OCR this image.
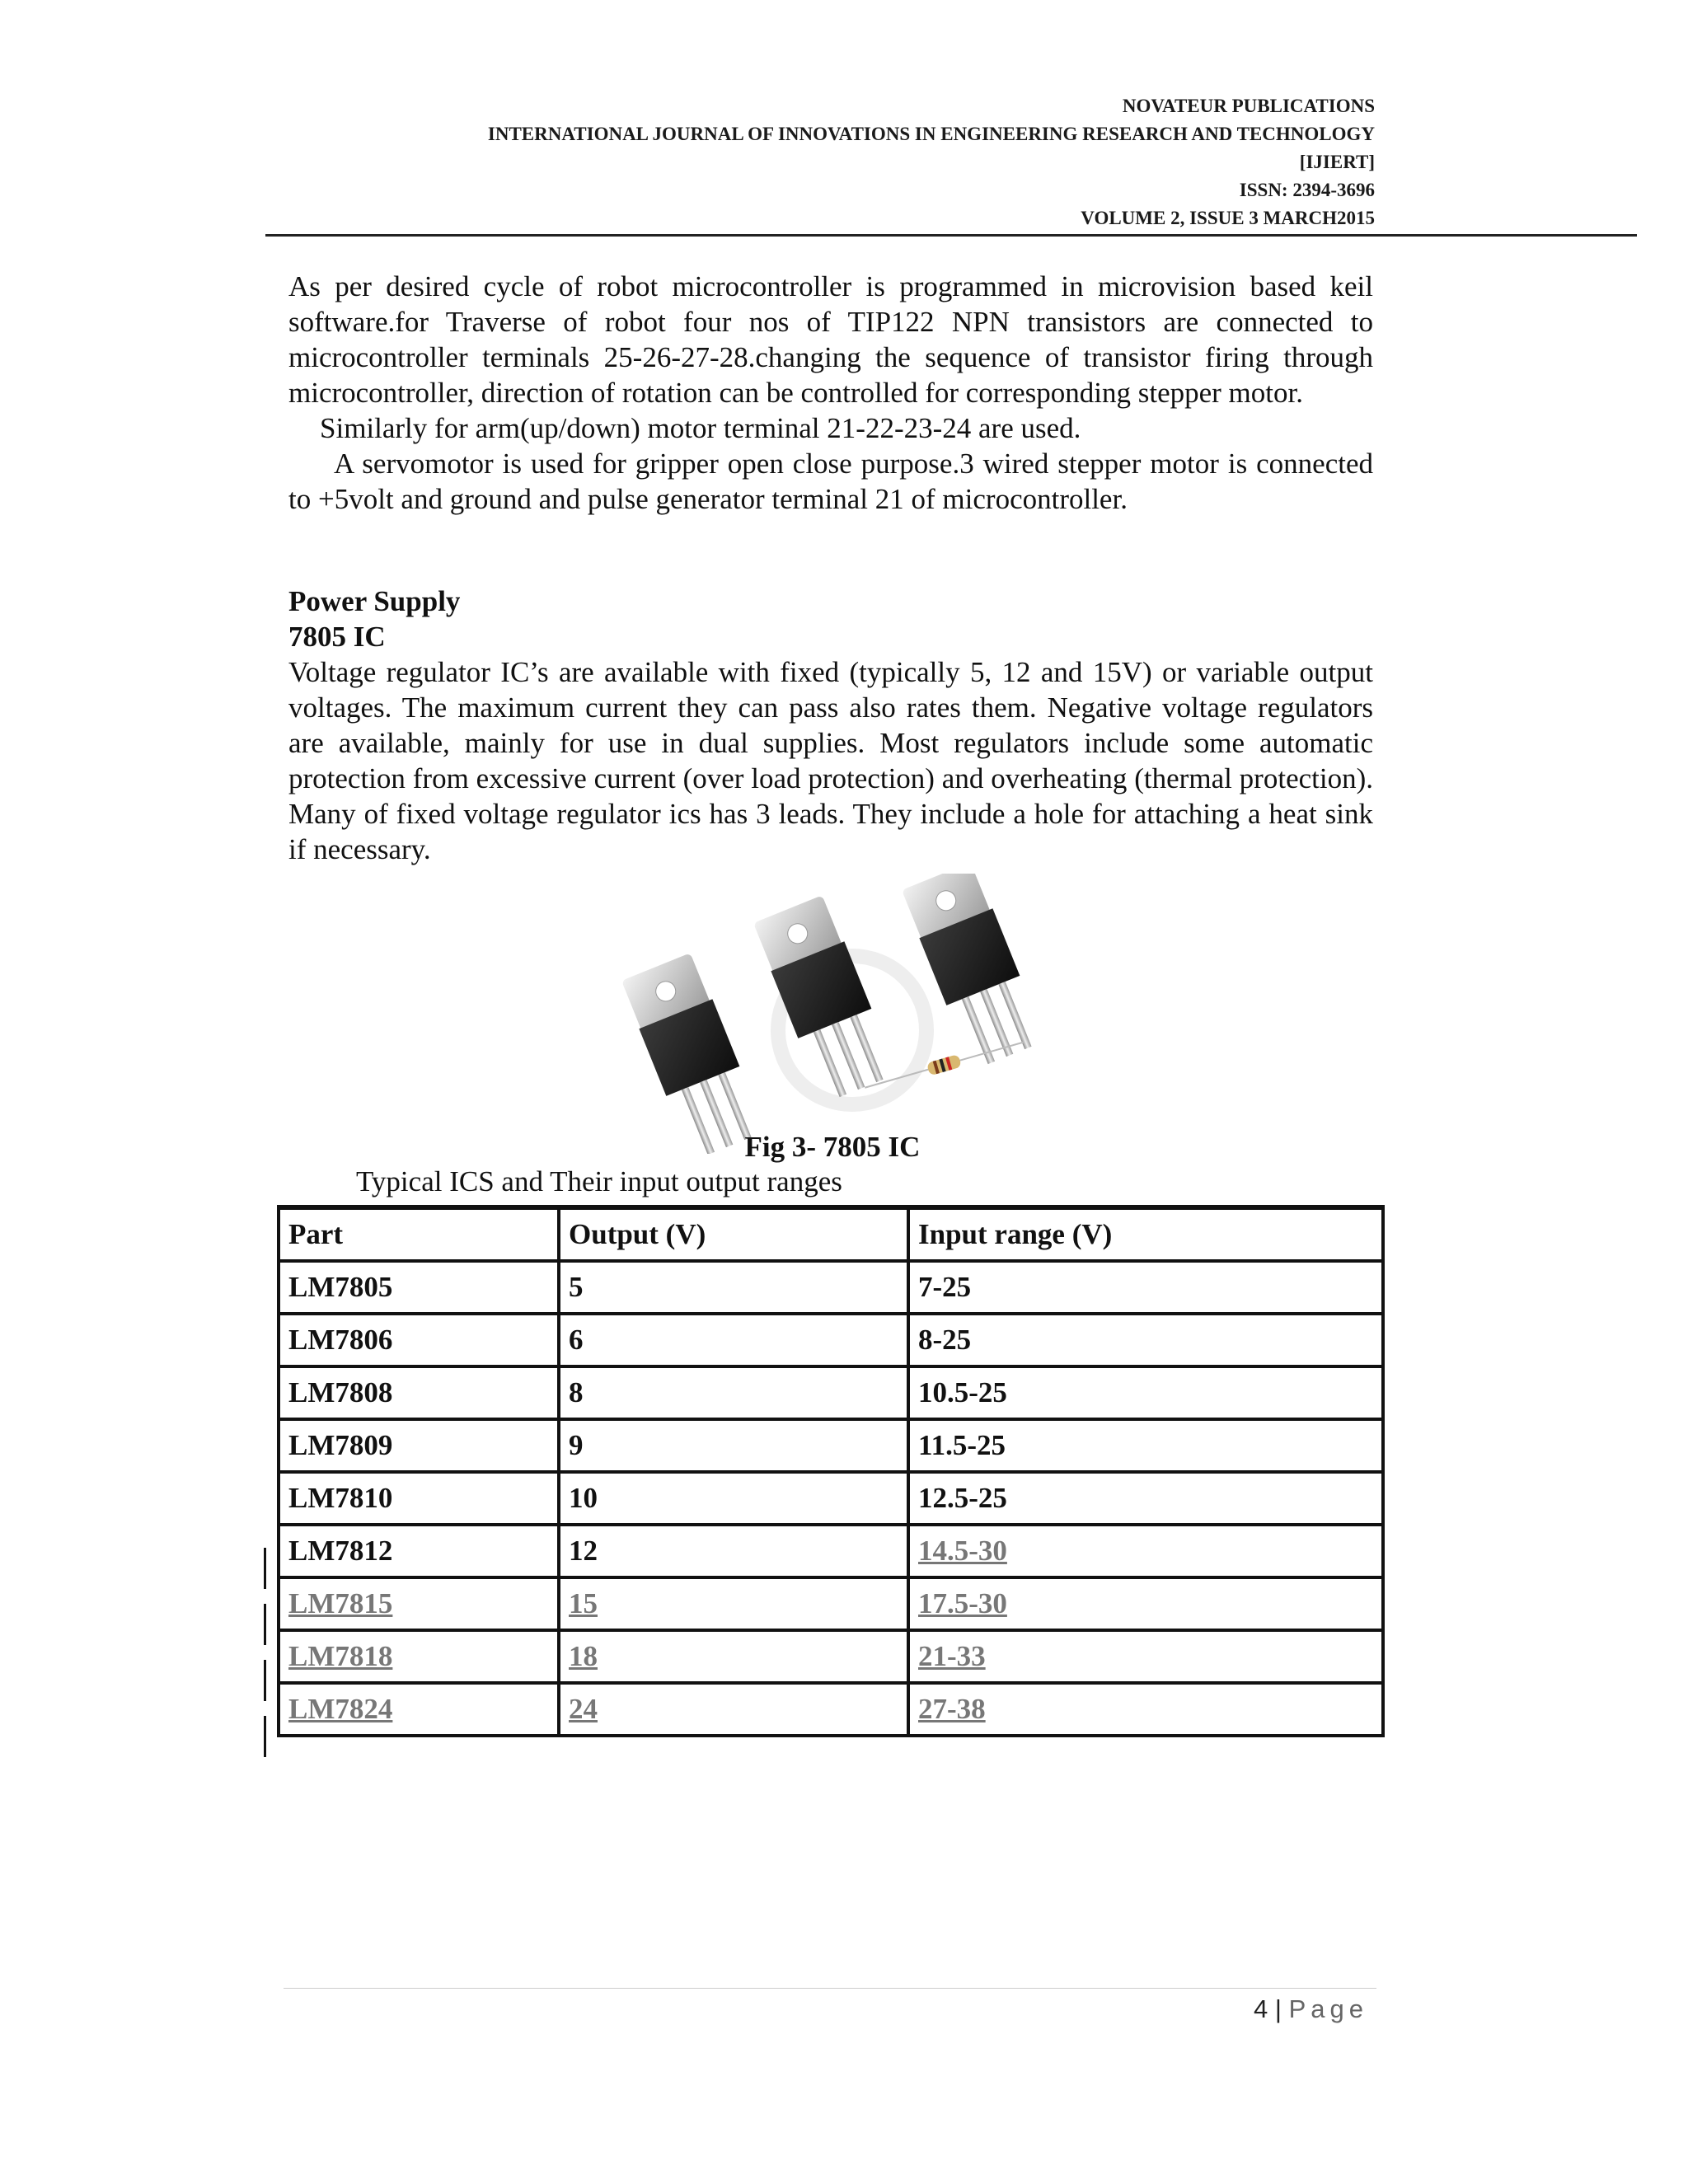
NOVATEUR PUBLICATIONS
INTERNATIONAL JOURNAL OF INNOVATIONS IN ENGINEERING RESEARCH AND TECHNOLOGY
[IJIERT]
ISSN: 2394-3696
VOLUME 2, ISSUE 3 MARCH2015

As per desired cycle of robot microcontroller is programmed in microvision based keil software.for Traverse of robot four nos of TIP122 NPN transistors are connected to microcontroller terminals 25-26-27-28.changing the sequence of transistor firing through microcontroller, direction of rotation can be controlled for corresponding stepper motor.

Similarly for arm(up/down) motor terminal 21-22-23-24 are used.

A servomotor is used for gripper open close purpose.3 wired stepper motor is connected to +5volt and ground and pulse generator terminal 21 of microcontroller.

Power Supply

7805 IC

Voltage regulator IC’s are available with fixed (typically 5, 12 and 15V) or variable output voltages. The maximum current they can pass also rates them. Negative voltage regulators are available, mainly for use in dual supplies. Most regulators include some automatic protection from excessive current (over load protection) and overheating (thermal protection). Many of fixed voltage regulator ics has 3 leads. They include a hole for attaching a heat sink if necessary.

Fig 3- 7805 IC
Typical ICS and Their input output ranges
Part	Output (V)	Input range (V)
LM7805	5	7-25
LM7806	6	8-25
LM7808	8	10.5-25
LM7809	9	11.5-25
LM7810	10	12.5-25
LM7812	12	14.5-30
LM7815	15	17.5-30
LM7818	18	21-33
LM7824	24	27-38
4 | Page
